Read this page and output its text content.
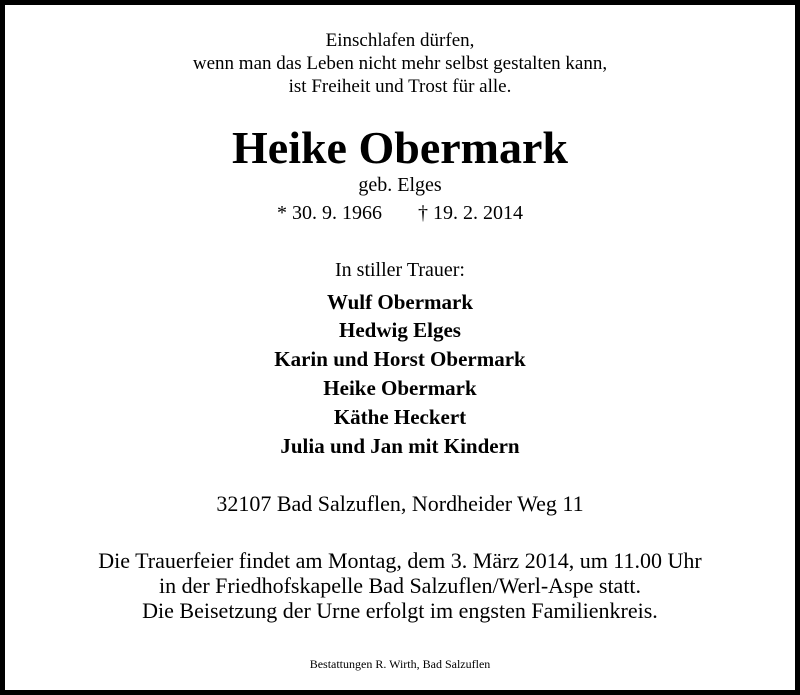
Einschlafen dürfen,
wenn man das Leben nicht mehr selbst gestalten kann,
ist Freiheit und Trost für alle.
Heike Obermark
geb. Elges
* 30. 9. 1966 † 19. 2. 2014
In stiller Trauer:
Wulf Obermark
Hedwig Elges
Karin und Horst Obermark
Heike Obermark
Käthe Heckert
Julia und Jan mit Kindern
32107 Bad Salzuflen, Nordheider Weg 11
Die Trauerfeier findet am Montag, dem 3. März 2014, um 11.00 Uhr
in der Friedhofskapelle Bad Salzuflen/Werl-Aspe statt.
Die Beisetzung der Urne erfolgt im engsten Familienkreis.
Bestattungen R. Wirth, Bad Salzuflen
